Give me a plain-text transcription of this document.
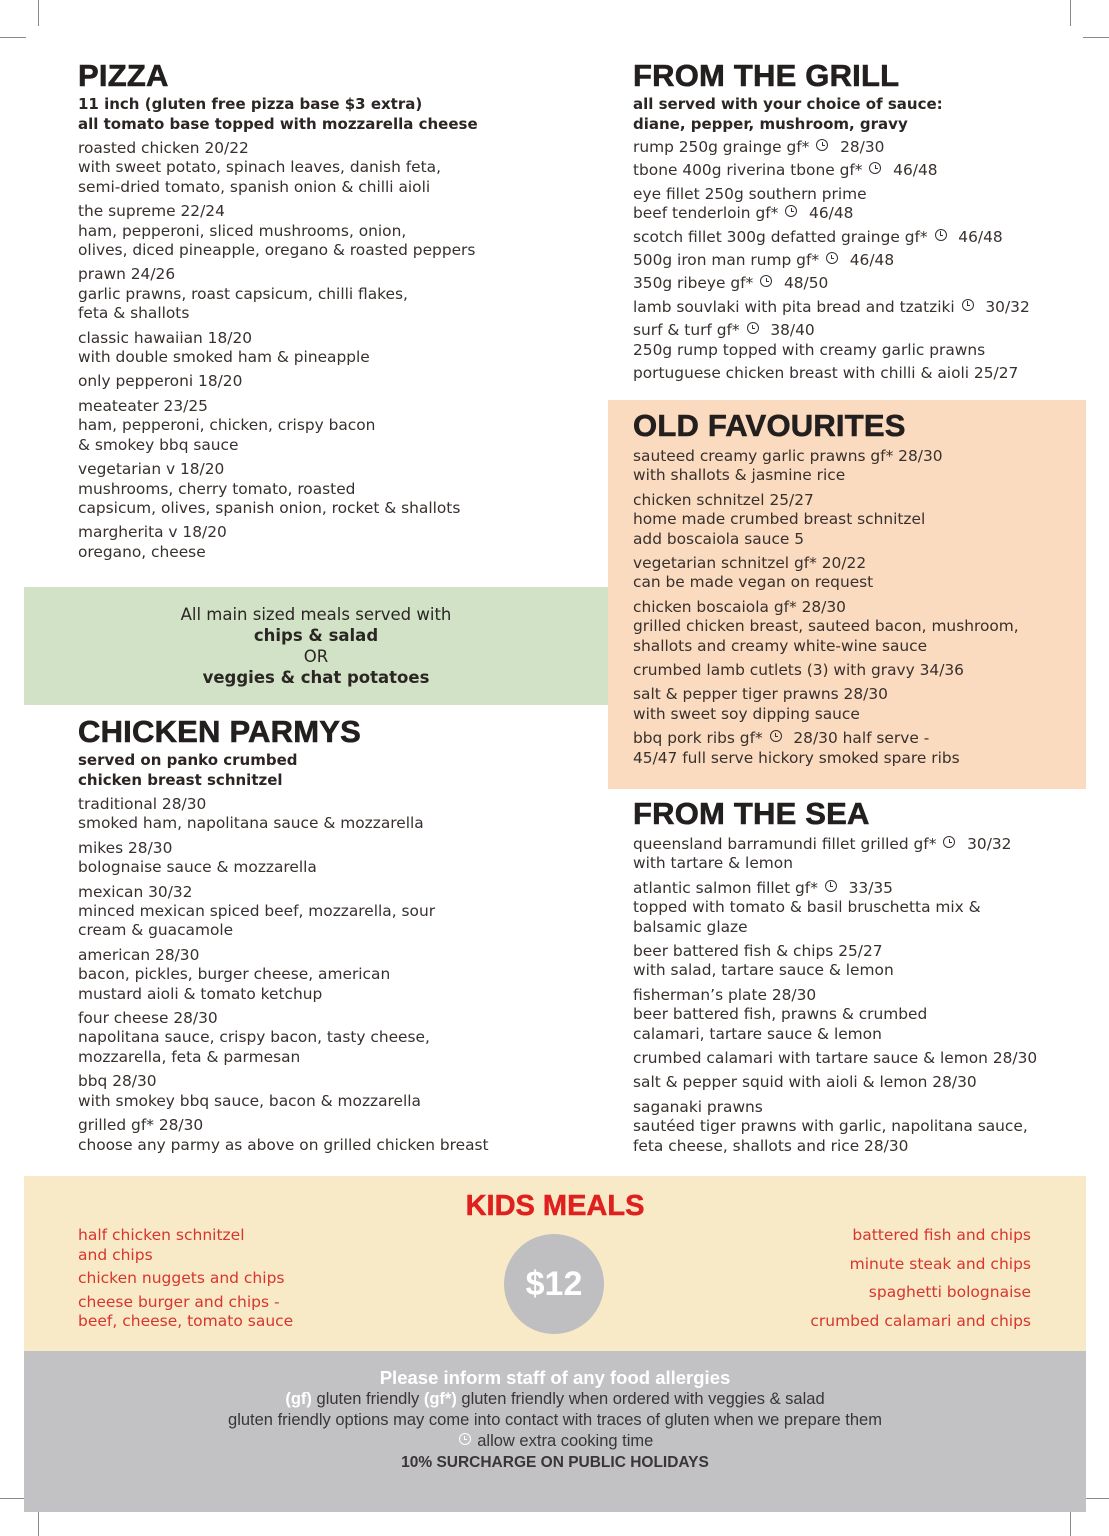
PIZZA
11 inch (gluten free pizza base $3 extra)
all tomato base topped with mozzarella cheese
roasted chicken 20/22
with sweet potato, spinach leaves, danish feta,
semi-dried tomato, spanish onion & chilli aioli
the supreme 22/24
ham, pepperoni, sliced mushrooms, onion,
olives, diced pineapple, oregano & roasted peppers
prawn 24/26
garlic prawns, roast capsicum, chilli flakes,
feta & shallots
classic hawaiian 18/20
with double smoked ham & pineapple
only pepperoni 18/20
meateater 23/25
ham, pepperoni, chicken, crispy bacon
& smokey bbq sauce
vegetarian v 18/20
mushrooms, cherry tomato, roasted
capsicum, olives, spanish onion, rocket & shallots
margherita v 18/20
oregano, cheese
All main sized meals served with
chips & salad
OR
veggies & chat potatoes
CHICKEN PARMYS
served on panko crumbed
chicken breast schnitzel
traditional 28/30
smoked ham, napolitana sauce & mozzarella
mikes 28/30
bolognaise sauce & mozzarella
mexican 30/32
minced mexican spiced beef, mozzarella, sour
cream & guacamole
american 28/30
bacon, pickles, burger cheese, american
mustard aioli & tomato ketchup
four cheese 28/30
napolitana sauce, crispy bacon, tasty cheese,
mozzarella, feta & parmesan
bbq 28/30
with smokey bbq sauce, bacon & mozzarella
grilled gf* 28/30
choose any parmy as above on grilled chicken breast
FROM THE GRILL
all served with your choice of sauce:
diane, pepper, mushroom, gravy
rump 250g grainge gf* 28/30
tbone 400g riverina tbone gf* 46/48
eye fillet 250g southern prime
beef tenderloin gf* 46/48
scotch fillet 300g defatted grainge gf* 46/48
500g iron man rump gf* 46/48
350g ribeye gf* 48/50
lamb souvlaki with pita bread and tzatziki 30/32
surf & turf gf* 38/40
250g rump topped with creamy garlic prawns
portuguese chicken breast with chilli & aioli 25/27
OLD FAVOURITES
sauteed creamy garlic prawns gf* 28/30
with shallots & jasmine rice
chicken schnitzel 25/27
home made crumbed breast schnitzel
add boscaiola sauce 5
vegetarian schnitzel gf* 20/22
can be made vegan on request
chicken boscaiola gf* 28/30
grilled chicken breast, sauteed bacon, mushroom,
shallots and creamy white-wine sauce
crumbed lamb cutlets (3) with gravy 34/36
salt & pepper tiger prawns 28/30
with sweet soy dipping sauce
bbq pork ribs gf* 28/30 half serve -
45/47 full serve hickory smoked spare ribs
FROM THE SEA
queensland barramundi fillet grilled gf* 30/32
with tartare & lemon
atlantic salmon fillet gf* 33/35
topped with tomato & basil bruschetta mix &
balsamic glaze
beer battered fish & chips 25/27
with salad, tartare sauce & lemon
fisherman’s plate 28/30
beer battered fish, prawns & crumbed
calamari, tartare sauce & lemon
crumbed calamari with tartare sauce & lemon 28/30
salt & pepper squid with aioli & lemon 28/30
saganaki prawns
sautéed tiger prawns with garlic, napolitana sauce,
feta cheese, shallots and rice 28/30
KIDS MEALS
$12
half chicken schnitzel
and chips
chicken nuggets and chips
cheese burger and chips -
beef, cheese, tomato sauce
battered fish and chips
minute steak and chips
spaghetti bolognaise
crumbed calamari and chips
Please inform staff of any food allergies
(gf) gluten friendly (gf*) gluten friendly when ordered with veggies & salad
gluten friendly options may come into contact with traces of gluten when we prepare them
allow extra cooking time
10% SURCHARGE ON PUBLIC HOLIDAYS
